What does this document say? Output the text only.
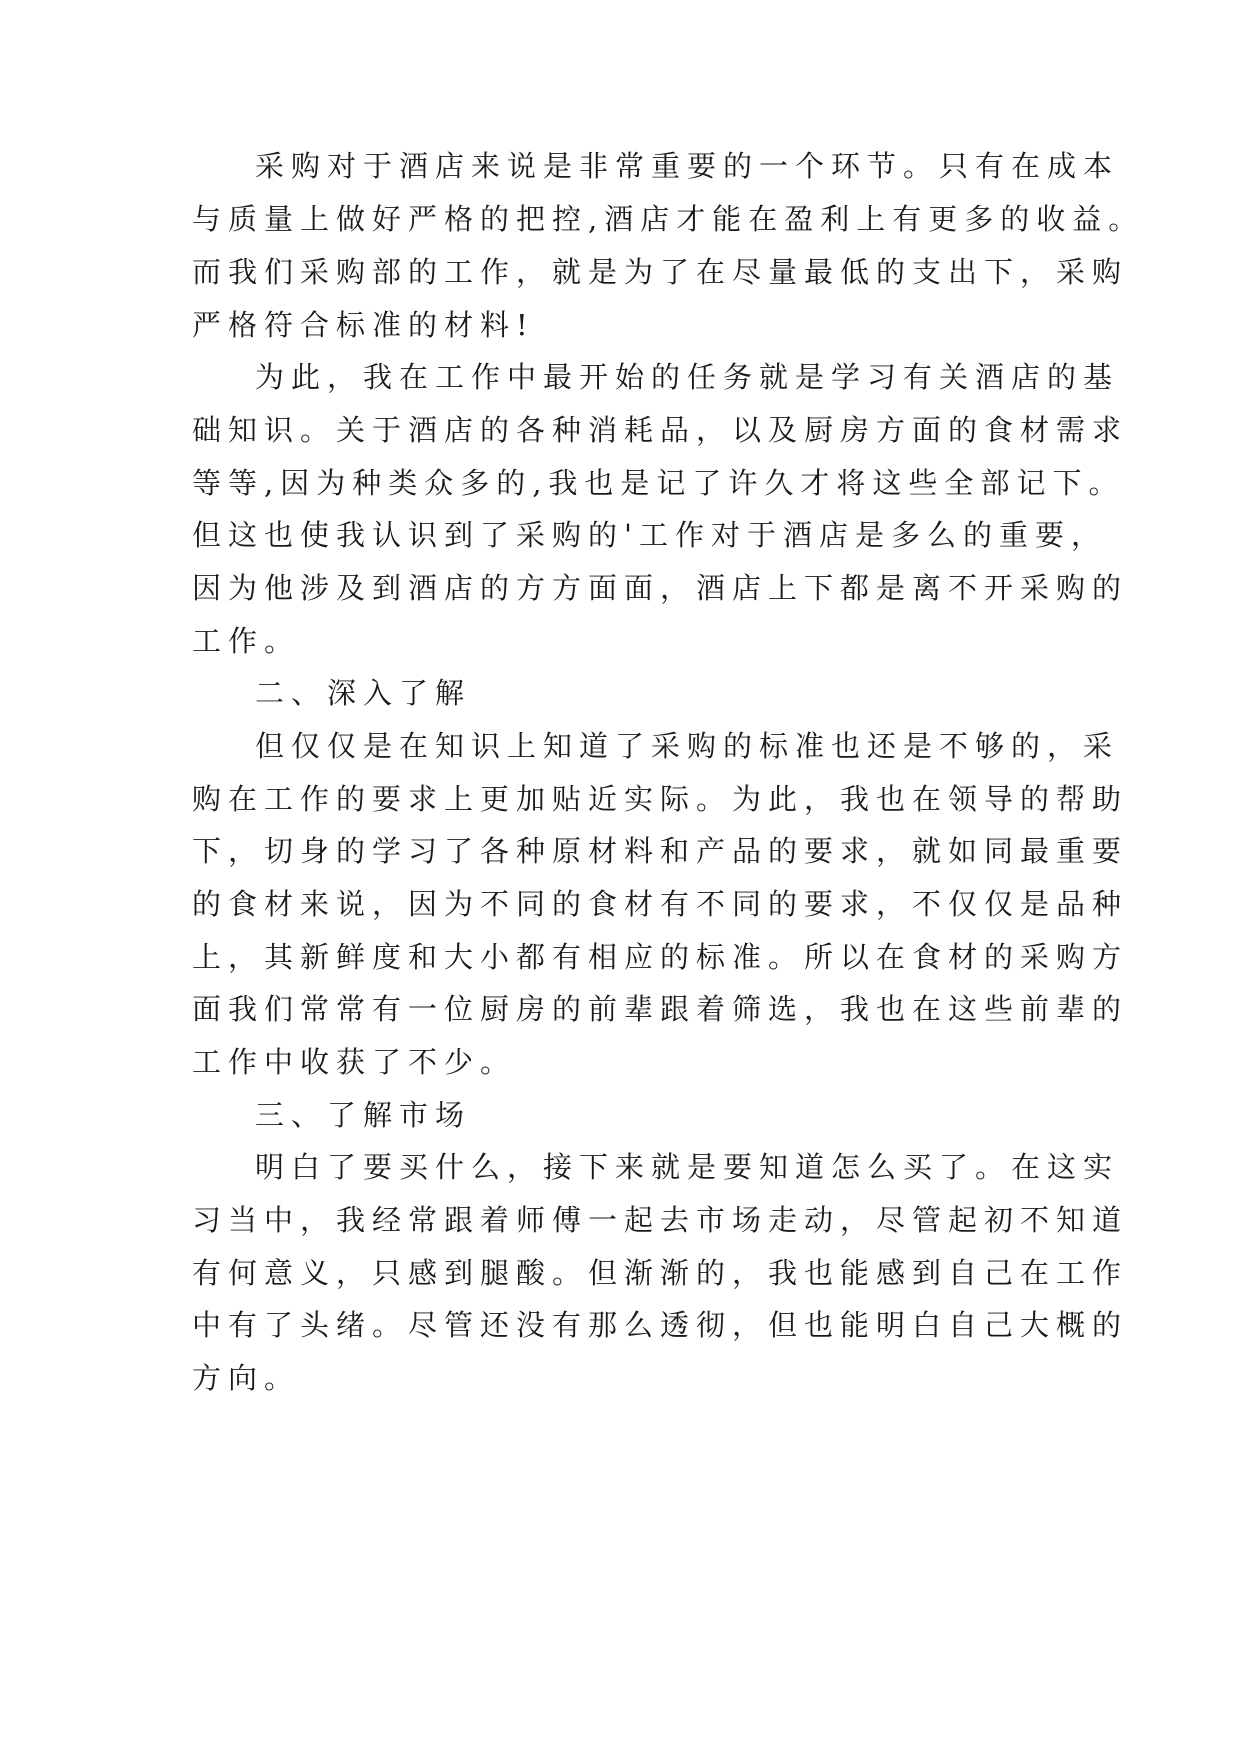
采购对于酒店来说是非常重要的一个环节。只有在成本

与质量上做好严格的把控,酒店才能在盈利上有更多的收益。

而我们采购部的工作，就是为了在尽量最低的支出下，采购

严格符合标准的材料!

为此，我在工作中最开始的任务就是学习有关酒店的基

础知识。关于酒店的各种消耗品，以及厨房方面的食材需求

等等,因为种类众多的,我也是记了许久才将这些全部记下。

但这也使我认识到了采购的'工作对于酒店是多么的重要，

因为他涉及到酒店的方方面面，酒店上下都是离不开采购的

工作。

二、深入了解

但仅仅是在知识上知道了采购的标准也还是不够的，采

购在工作的要求上更加贴近实际。为此，我也在领导的帮助

下，切身的学习了各种原材料和产品的要求，就如同最重要

的食材来说，因为不同的食材有不同的要求，不仅仅是品种

上，其新鲜度和大小都有相应的标准。所以在食材的采购方

面我们常常有一位厨房的前辈跟着筛选，我也在这些前辈的

工作中收获了不少。

三、了解市场

明白了要买什么，接下来就是要知道怎么买了。在这实

习当中，我经常跟着师傅一起去市场走动，尽管起初不知道

有何意义，只感到腿酸。但渐渐的，我也能感到自己在工作

中有了头绪。尽管还没有那么透彻，但也能明白自己大概的

方向。
